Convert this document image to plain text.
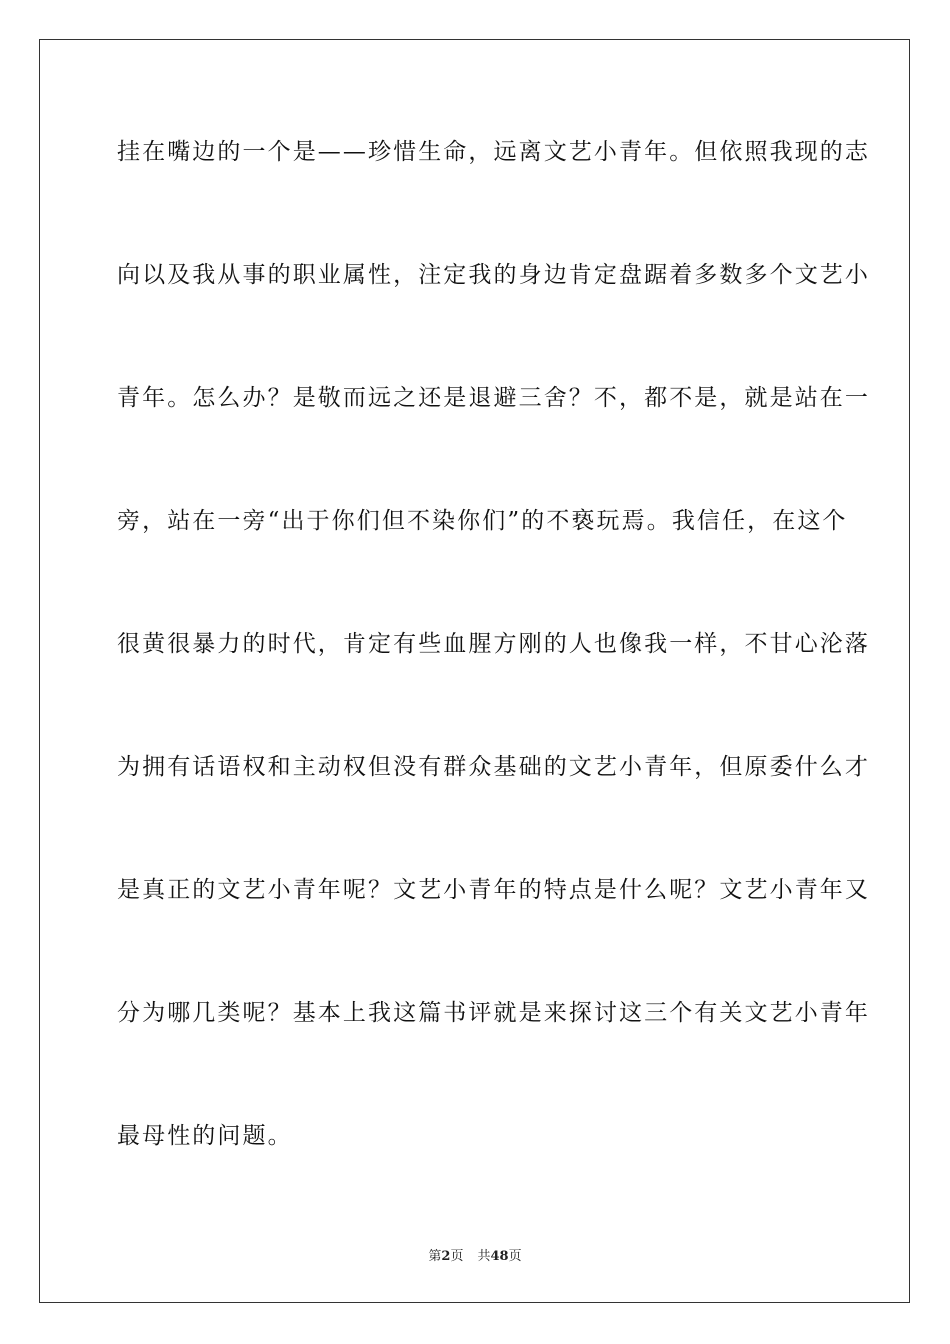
挂在嘴边的一个是——珍惜生命，远离文艺小青年。但依照我现的志
向以及我从事的职业属性，注定我的身边肯定盘踞着多数多个文艺小
青年。怎么办？是敬而远之还是退避三舍？不，都不是，就是站在一
旁，站在一旁“出于你们但不染你们”的不亵玩焉。我信任，在这个
很黄很暴力的时代，肯定有些血腥方刚的人也像我一样，不甘心沦落
为拥有话语权和主动权但没有群众基础的文艺小青年，但原委什么才
是真正的文艺小青年呢？文艺小青年的特点是什么呢？文艺小青年又
分为哪几类呢？基本上我这篇书评就是来探讨这三个有关文艺小青年
最母性的问题。
第2页 共48页
